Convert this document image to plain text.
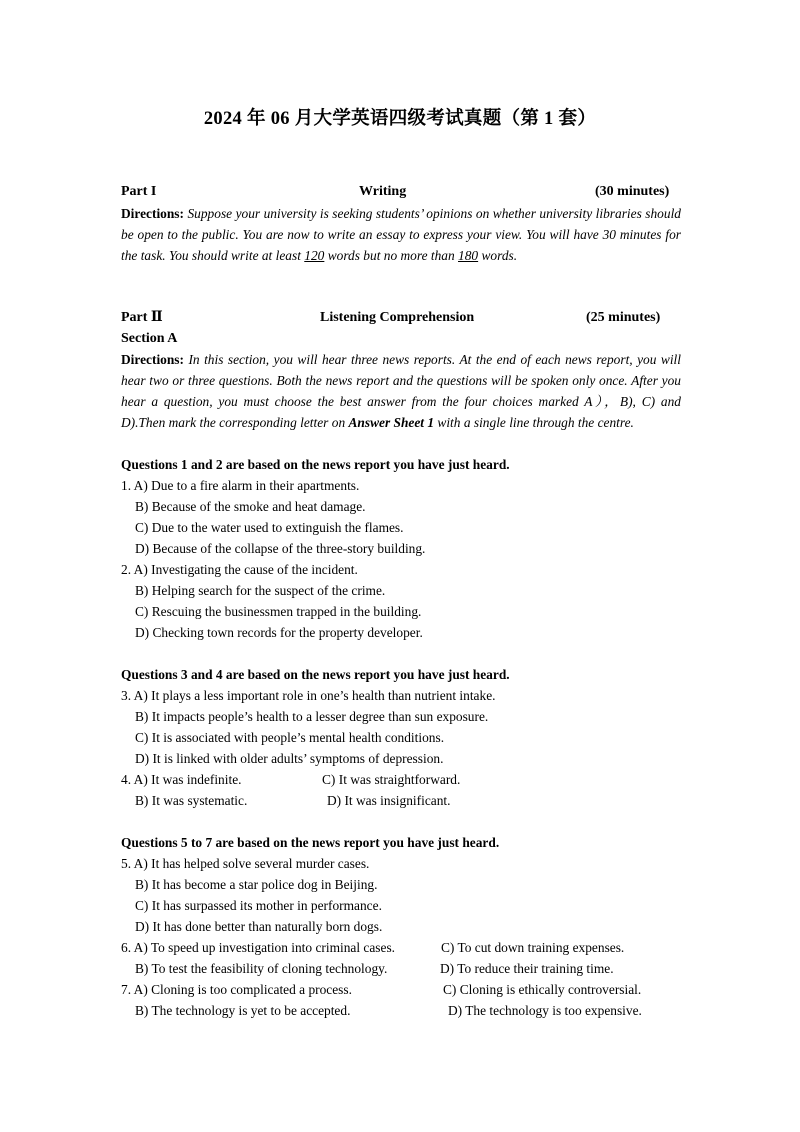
2024 年 06 月大学英语四级考试真题（第 1 套）
Part I	Writing	(30 minutes)
Directions: Suppose your university is seeking students’ opinions on whether university libraries should be open to the public. You are now to write an essay to express your view. You will have 30 minutes for the task. You should write at least 120 words but no more than 180 words.
Part Ⅱ	Listening Comprehension	(25 minutes)
Section A
Directions: In this section, you will hear three news reports. At the end of each news report, you will hear two or three questions. Both the news report and the questions will be spoken only once. After you hear a question, you must choose the best answer from the four choices marked A），B), C) and D).Then mark the corresponding letter on Answer Sheet 1 with a single line through the centre.
Questions 1 and 2 are based on the news report you have just heard.
1. A) Due to a fire alarm in their apartments.
B) Because of the smoke and heat damage.
C) Due to the water used to extinguish the flames.
D) Because of the collapse of the three-story building.
2. A) Investigating the cause of the incident.
B) Helping search for the suspect of the crime.
C) Rescuing the businessmen trapped in the building.
D) Checking town records for the property developer.
Questions 3 and 4 are based on the news report you have just heard.
3. A) It plays a less important role in one’s health than nutrient intake.
B) It impacts people’s health to a lesser degree than sun exposure.
C) It is associated with people’s mental health conditions.
D) It is linked with older adults’ symptoms of depression.
4. A) It was indefinite.	C) It was straightforward.
B) It was systematic.	D) It was insignificant.
Questions 5 to 7 are based on the news report you have just heard.
5. A) It has helped solve several murder cases.
B) It has become a star police dog in Beijing.
C) It has surpassed its mother in performance.
D) It has done better than naturally born dogs.
6. A) To speed up investigation into criminal cases.	C) To cut down training expenses.
B) To test the feasibility of cloning technology.	D) To reduce their training time.
7. A) Cloning is too complicated a process.	C) Cloning is ethically controversial.
B) The technology is yet to be accepted.	D) The technology is too expensive.
